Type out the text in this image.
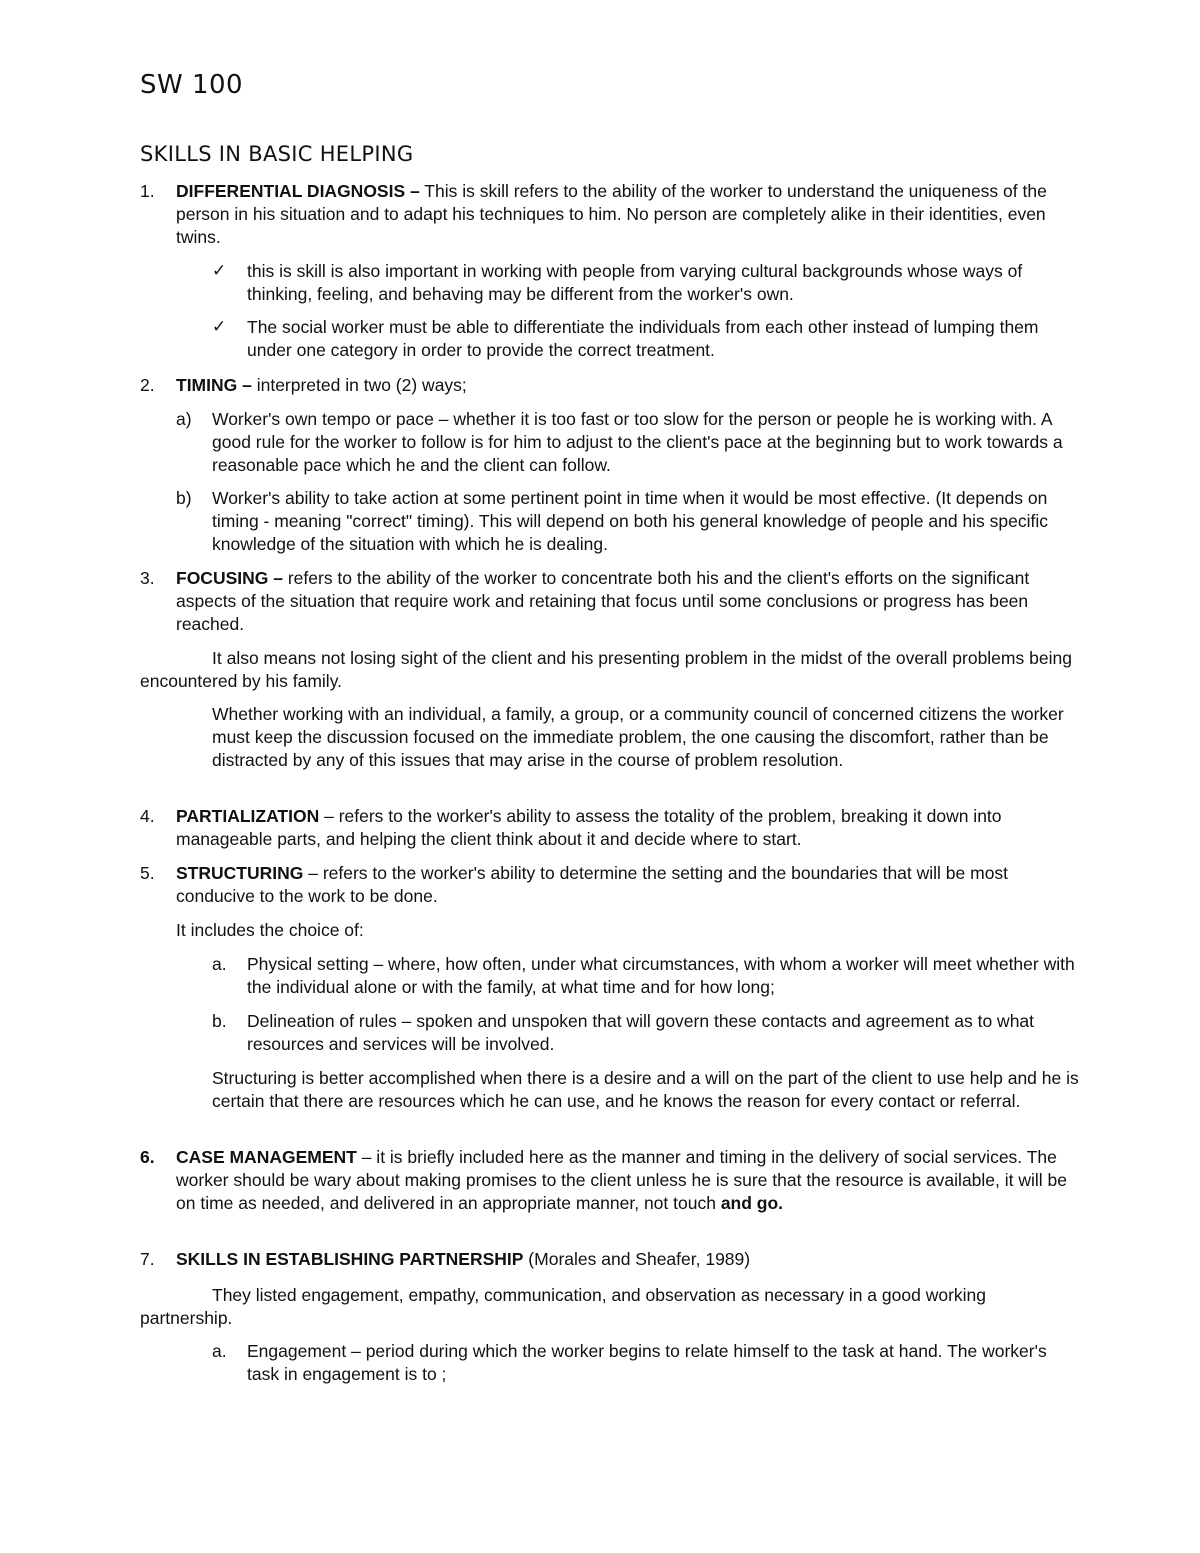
SW 100
SKILLS IN BASIC HELPING
1. DIFFERENTIAL DIAGNOSIS – This is skill refers to the ability of the worker to understand the uniqueness of the person in his situation and to adapt his techniques to him. No person are completely alike in their identities, even twins.
✓ this is skill is also important in working with people from varying cultural backgrounds whose ways of thinking, feeling, and behaving may be different from the worker's own.
✓ The social worker must be able to differentiate the individuals from each other instead of lumping them under one category in order to provide the correct treatment.
2. TIMING – interpreted in two (2) ways;
a) Worker's own tempo or pace – whether it is too fast or too slow for the person or people he is working with. A good rule for the worker to follow is for him to adjust to the client's pace at the beginning but to work towards a reasonable pace which he and the client can follow.
b) Worker's ability to take action at some pertinent point in time when it would be most effective. (It depends on timing - meaning "correct" timing). This will depend on both his general knowledge of people and his specific knowledge of the situation with which he is dealing.
3. FOCUSING – refers to the ability of the worker to concentrate both his and the client's efforts on the significant aspects of the situation that require work and retaining that focus until some conclusions or progress has been reached.
It also means not losing sight of the client and his presenting problem in the midst of the overall problems being encountered by his family.
Whether working with an individual, a family, a group, or a community council of concerned citizens the worker must keep the discussion focused on the immediate problem, the one causing the discomfort, rather than be distracted by any of this issues that may arise in the course of problem resolution.
4. PARTIALIZATION – refers to the worker's ability to assess the totality of the problem, breaking it down into manageable parts, and helping the client think about it and decide where to start.
5. STRUCTURING – refers to the worker's ability to determine the setting and the boundaries that will be most conducive to the work to be done.
It includes the choice of:
a. Physical setting – where, how often, under what circumstances, with whom a worker will meet whether with the individual alone or with the family, at what time and for how long;
b. Delineation of rules – spoken and unspoken that will govern these contacts and agreement as to what resources and services will be involved.
Structuring is better accomplished when there is a desire and a will on the part of the client to use help and he is certain that there are resources which he can use, and he knows the reason for every contact or referral.
6. CASE MANAGEMENT – it is briefly included here as the manner and timing in the delivery of social services. The worker should be wary about making promises to the client unless he is sure that the resource is available, it will be on time as needed, and delivered in an appropriate manner, not touch and go.
7. SKILLS IN ESTABLISHING PARTNERSHIP (Morales and Sheafer, 1989)
They listed engagement, empathy, communication, and observation as necessary in a good working partnership.
a. Engagement – period during which the worker begins to relate himself to the task at hand. The worker's task in engagement is to ;
